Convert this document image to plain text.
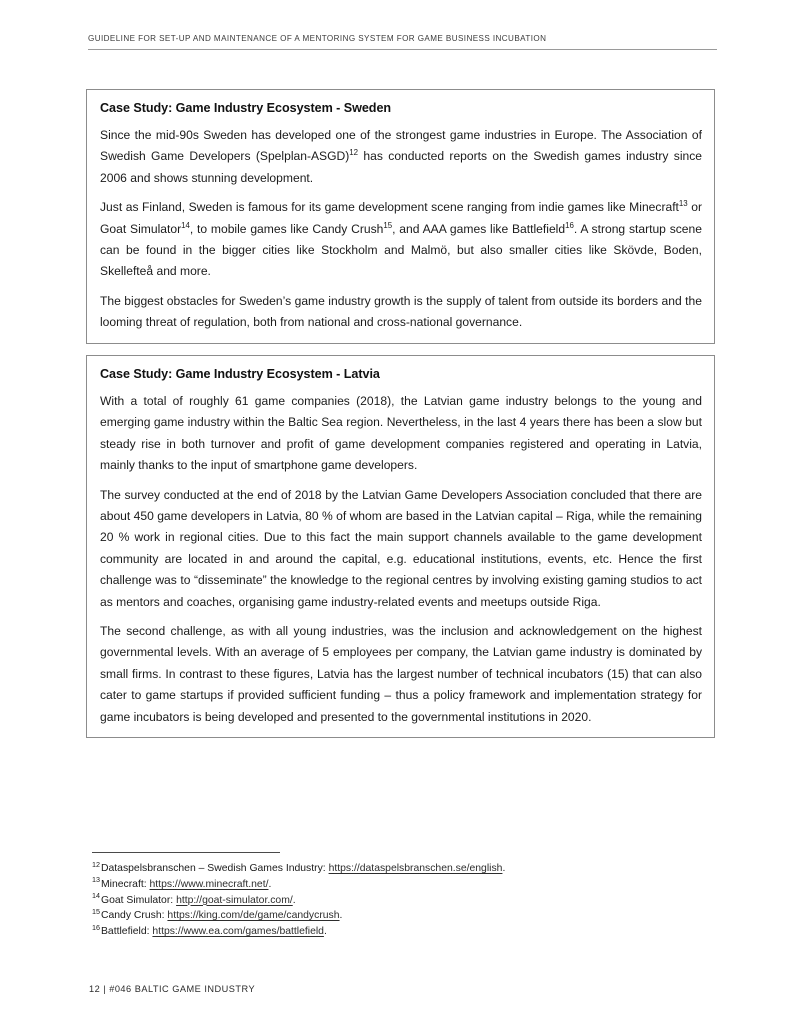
GUIDELINE FOR SET-UP AND MAINTENANCE OF A MENTORING SYSTEM FOR GAME BUSINESS INCUBATION
Case Study: Game Industry Ecosystem - Sweden

Since the mid-90s Sweden has developed one of the strongest game industries in Europe. The Association of Swedish Game Developers (Spelplan-ASGD)$^{12}$ has conducted reports on the Swedish games industry since 2006 and shows stunning development.

Just as Finland, Sweden is famous for its game development scene ranging from indie games like Minecraft$^{13}$ or Goat Simulator$^{14}$, to mobile games like Candy Crush$^{15}$, and AAA games like Battlefield$^{16}$. A strong startup scene can be found in the bigger cities like Stockholm and Malmö, but also smaller cities like Skövde, Boden, Skellefteå and more.

The biggest obstacles for Sweden’s game industry growth is the supply of talent from outside its borders and the looming threat of regulation, both from national and cross-national governance.

Case Study: Game Industry Ecosystem - Latvia

With a total of roughly 61 game companies (2018), the Latvian game industry belongs to the young and emerging game industry within the Baltic Sea region. Nevertheless, in the last 4 years there has been a slow but steady rise in both turnover and profit of game development companies registered and operating in Latvia, mainly thanks to the input of smartphone game developers.

The survey conducted at the end of 2018 by the Latvian Game Developers Association concluded that there are about 450 game developers in Latvia, 80 % of whom are based in the Latvian capital – Riga, while the remaining 20 % work in regional cities. Due to this fact the main support channels available to the game development community are located in and around the capital, e.g. educational institutions, events, etc. Hence the first challenge was to “disseminate” the knowledge to the regional centres by involving existing gaming studios to act as mentors and coaches, organising game industry-related events and meetups outside Riga.

The second challenge, as with all young industries, was the inclusion and acknowledgement on the highest governmental levels. With an average of 5 employees per company, the Latvian game industry is dominated by small firms. In contrast to these figures, Latvia has the largest number of technical incubators (15) that can also cater to game startups if provided sufficient funding – thus a policy framework and implementation strategy for game incubators is being developed and presented to the governmental institutions in 2020.

$^{12}$Dataspelsbranschen – Swedish Games Industry: https://dataspelsbranschen.se/english.
$^{13}$Minecraft: https://www.minecraft.net/.
$^{14}$Goat Simulator: http://goat-simulator.com/.
$^{15}$Candy Crush: https://king.com/de/game/candycrush.
$^{16}$Battlefield: https://www.ea.com/games/battlefield.
12 | #046 BALTIC GAME INDUSTRY
